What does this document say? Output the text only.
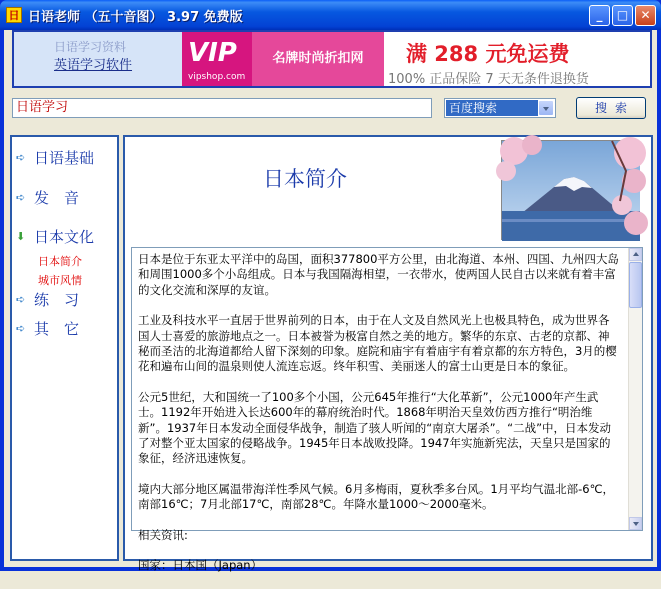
日 日语老师 （五十音图） 3.97 免费版	_	□	✕
日语学习资料
英语学习软件 VIP
vipshop.com
名牌时尚折扣网	满 288 元免运费
100% 正品保险 7 天无条件退换货
日语学习	百度搜索	搜索
➪ 日语基础
➪ 发　音
⬇ 日本文化
日本简介
城市风情
➪ 练　习
➪ 其　它
日本简介

日本是位于东亚太平洋中的岛国，面积377800平方公里，由北海道、本州、四国、九州四大岛和周围1000多个小岛组成。日本与我国隔海相望，一衣带水，使两国人民自古以来就有着丰富的文化交流和深厚的友谊。

工业及科技水平一直居于世界前列的日本，由于在人文及自然风光上也极具特色，成为世界各国人士喜爱的旅游地点之一。日本被誉为极富自然之美的地方。繁华的东京、古老的京都、神秘而圣洁的北海道都给人留下深刻的印象。庭院和庙宇有着庙宇有着京都的东方特色，3月的樱花和遍布山间的温泉则使人流连忘返。终年积雪、美丽迷人的富士山更是日本的象征。

公元5世纪，大和国统一了100多个小国，公元645年推行“大化革新”，公元1000年产生武士。1192年开始进入长达600年的幕府统治时代。1868年明治天皇效仿西方推行“明治维新”。1937年日本发动全面侵华战争，制造了骇人听闻的“南京大屠杀”。“二战”中，日本发动了对整个亚太国家的侵略战争。1945年日本战败投降。1947年实施新宪法，天皇只是国家的象征，经济迅速恢复。

境内大部分地区属温带海洋性季风气候。6月多梅雨，夏秋季多台风。1月平均气温北部-6℃，南部16℃；7月北部17℃，南部28℃。年降水量1000～2000毫米。

相关资讯:

国家：日本国（Japan）
